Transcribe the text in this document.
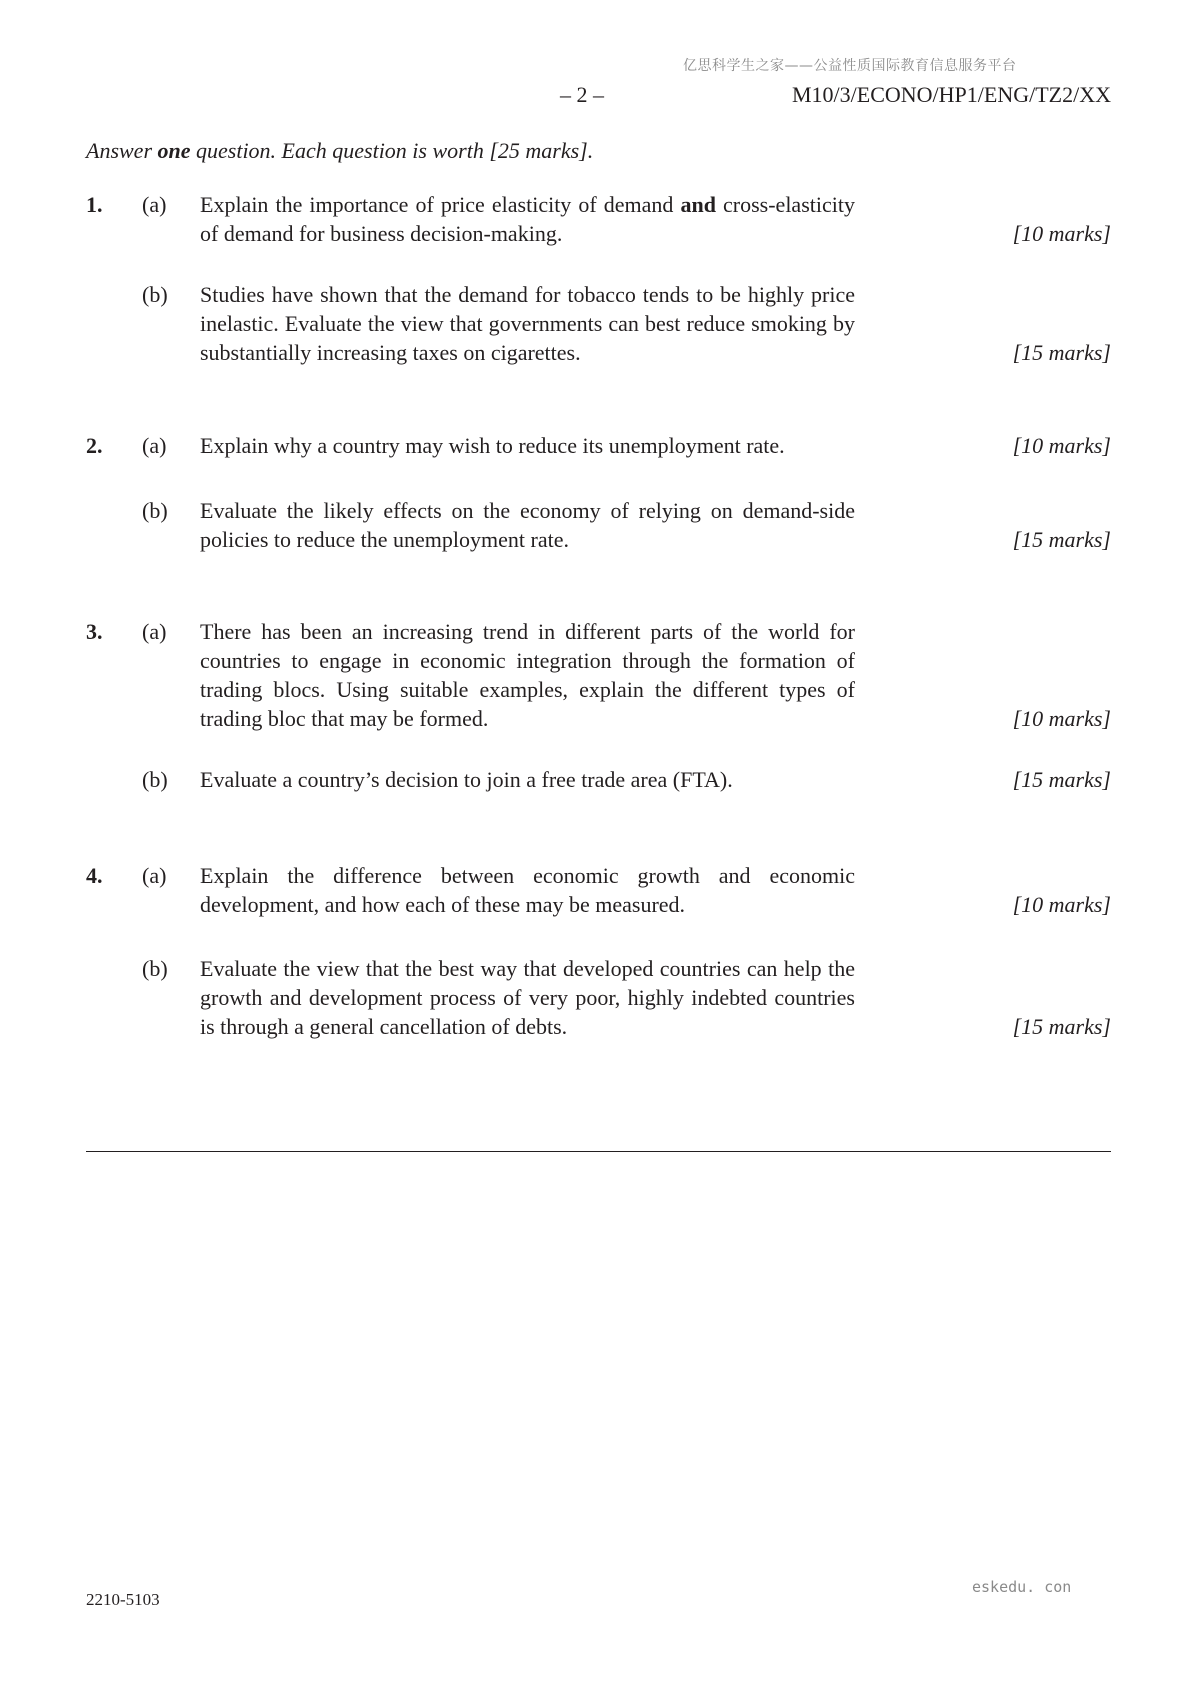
亿思科学生之家——公益性质国际教育信息服务平台
– 2 –	M10/3/ECONO/HP1/ENG/TZ2/XX
Answer one question. Each question is worth [25 marks].
1. (a) Explain the importance of price elasticity of demand and cross-elasticity of demand for business decision-making.	[10 marks]
(b) Studies have shown that the demand for tobacco tends to be highly price inelastic. Evaluate the view that governments can best reduce smoking by substantially increasing taxes on cigarettes.	[15 marks]
2. (a) Explain why a country may wish to reduce its unemployment rate.	[10 marks]
(b) Evaluate the likely effects on the economy of relying on demand-side policies to reduce the unemployment rate.	[15 marks]
3. (a) There has been an increasing trend in different parts of the world for countries to engage in economic integration through the formation of trading blocs. Using suitable examples, explain the different types of trading bloc that may be formed.	[10 marks]
(b) Evaluate a country’s decision to join a free trade area (FTA).	[15 marks]
4. (a) Explain the difference between economic growth and economic development, and how each of these may be measured.	[10 marks]
(b) Evaluate the view that the best way that developed countries can help the growth and development process of very poor, highly indebted countries is through a general cancellation of debts.	[15 marks]
eskedu. con
2210-5103
